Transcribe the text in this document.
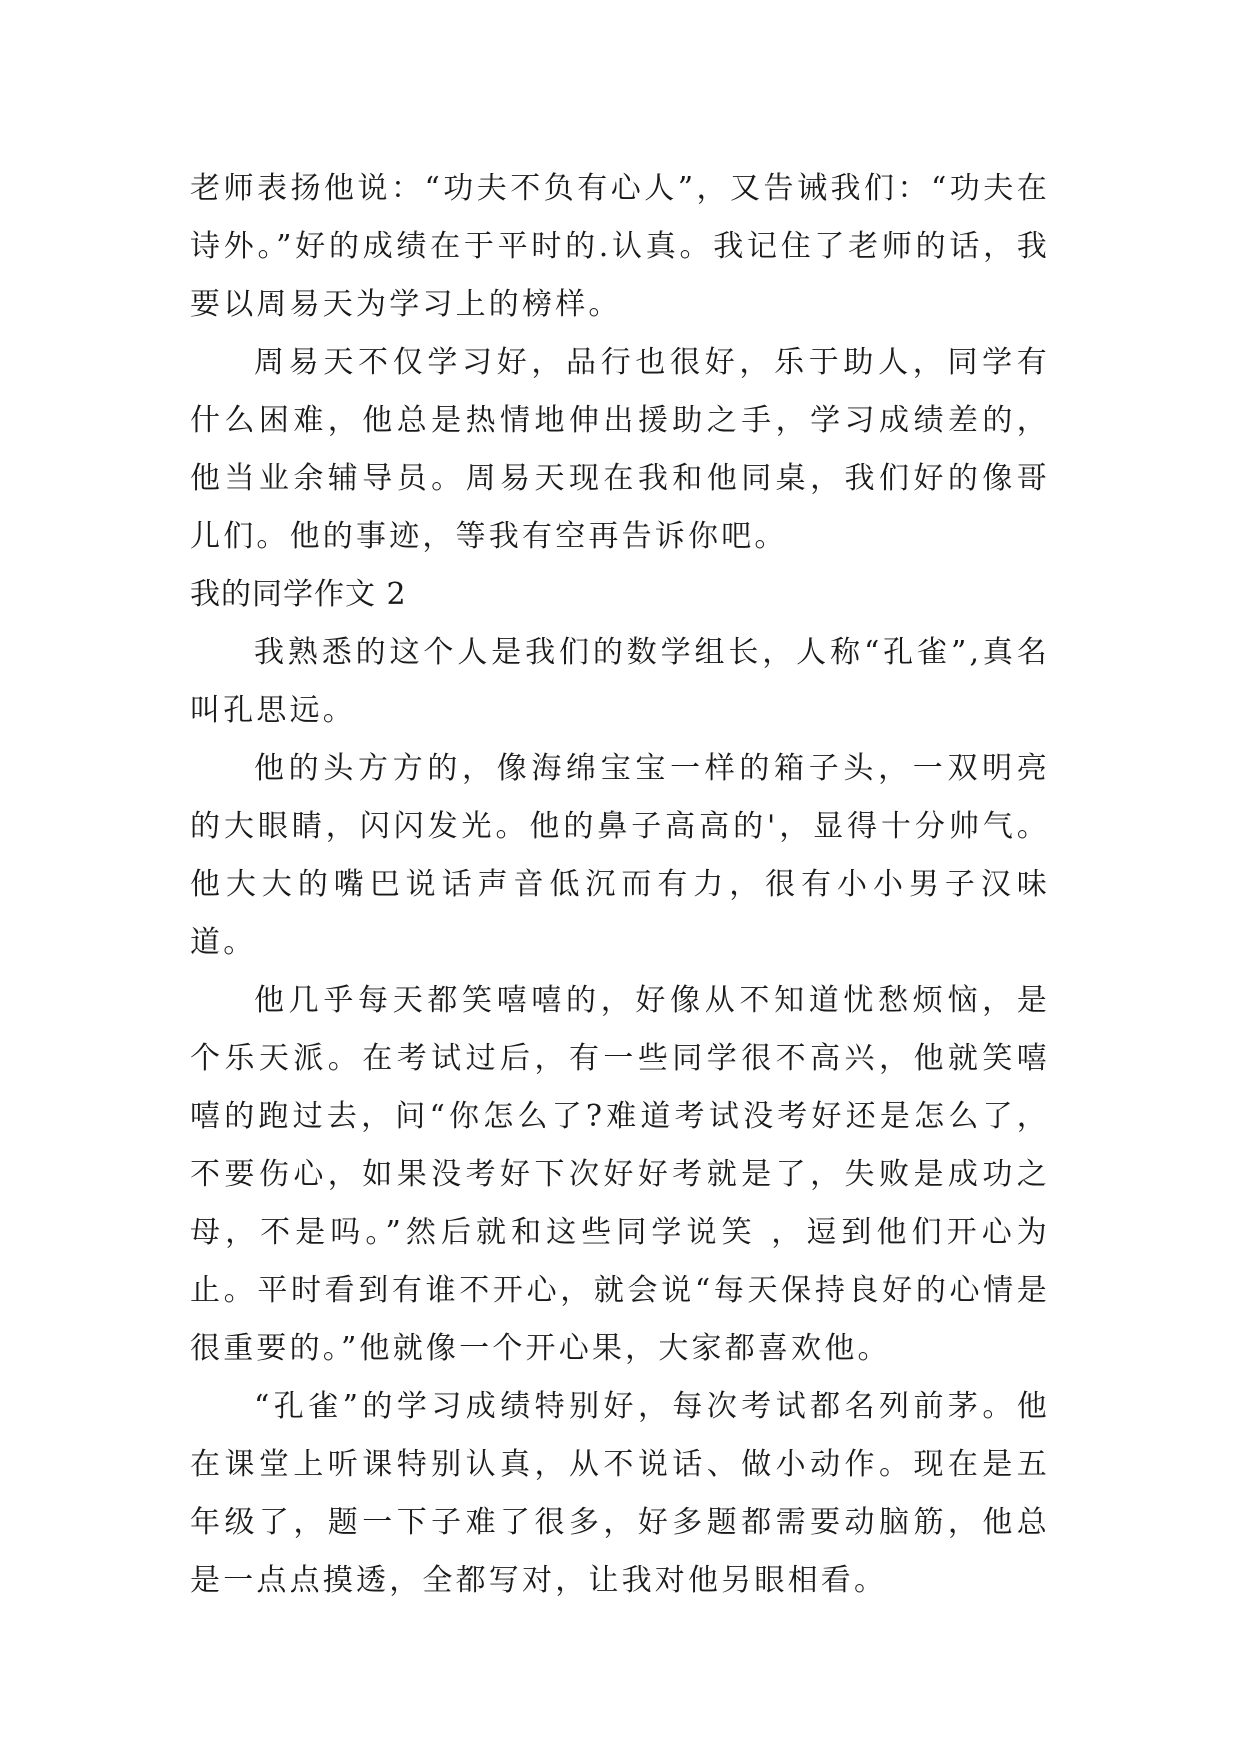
老师表扬他说：“功夫不负有心人”，又告诫我们：“功夫在诗外。”好的成绩在于平时的.认真。我记住了老师的话，我要以周易天为学习上的榜样。

周易天不仅学习好，品行也很好，乐于助人，同学有什么困难，他总是热情地伸出援助之手，学习成绩差的，他当业余辅导员。周易天现在我和他同桌，我们好的像哥儿们。他的事迹，等我有空再告诉你吧。

我的同学作文 2

我熟悉的这个人是我们的数学组长，人称“孔雀”,真名叫孔思远。

他的头方方的，像海绵宝宝一样的箱子头，一双明亮的大眼睛，闪闪发光。他的鼻子高高的'，显得十分帅气。他大大的嘴巴说话声音低沉而有力，很有小小男子汉味道。

他几乎每天都笑嘻嘻的，好像从不知道忧愁烦恼，是个乐天派。在考试过后，有一些同学很不高兴，他就笑嘻嘻的跑过去，问“你怎么了?难道考试没考好还是怎么了，不要伤心，如果没考好下次好好考就是了，失败是成功之母，不是吗。”然后就和这些同学说笑 ，逗到他们开心为止。平时看到有谁不开心，就会说“每天保持良好的心情是很重要的。”他就像一个开心果，大家都喜欢他。

“孔雀”的学习成绩特别好，每次考试都名列前茅。他在课堂上听课特别认真，从不说话、做小动作。现在是五年级了，题一下子难了很多，好多题都需要动脑筋，他总是一点点摸透，全都写对，让我对他另眼相看。
